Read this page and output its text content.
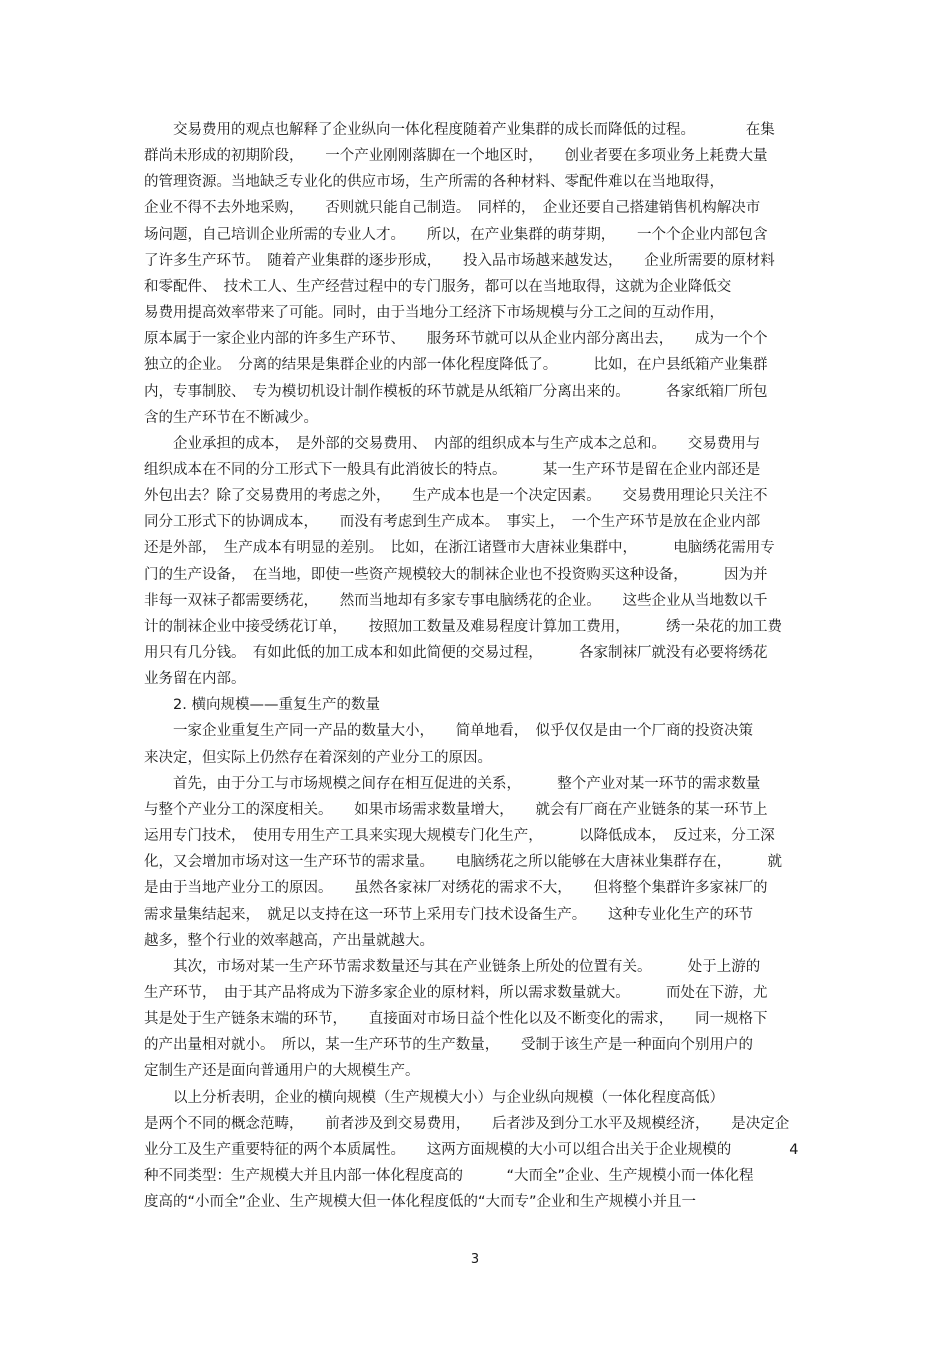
　　交易费用的观点也解释了企业纵向一体化程度随着产业集群的成长而降低的过程。　　　　在集
群尚未形成的初期阶段，　　一个产业刚刚落脚在一个地区时，　　创业者要在多项业务上耗费大量
的管理资源。当地缺乏专业化的供应市场，生产所需的各种材料、零配件难以在当地取得，
企业不得不去外地采购，　　否则就只能自己制造。　同样的，　企业还要自己搭建销售机构解决市
场问题，自己培训企业所需的专业人才。　　所以，在产业集群的萌芽期，　　一个个企业内部包含
了许多生产环节。　随着产业集群的逐步形成，　　投入品市场越来越发达，　　企业所需要的原材料
和零配件、　技术工人、生产经营过程中的专门服务，都可以在当地取得，这就为企业降低交
易费用提高效率带来了可能。同时，由于当地分工经济下市场规模与分工之间的互动作用，
原本属于一家企业内部的许多生产环节、　　服务环节就可以从企业内部分离出去，　　成为一个个
独立的企业。　分离的结果是集群企业的内部一体化程度降低了。　　　比如，在户县纸箱产业集群
内，专事制胶、　专为模切机设计制作模板的环节就是从纸箱厂分离出来的。　　　各家纸箱厂所包
含的生产环节在不断减少。
　　企业承担的成本，　是外部的交易费用、　内部的组织成本与生产成本之总和。　　交易费用与
组织成本在不同的分工形式下一般具有此消彼长的特点。　　　某一生产环节是留在企业内部还是
外包出去？除了交易费用的考虑之外，　　生产成本也是一个决定因素。　　交易费用理论只关注不
同分工形式下的协调成本，　　而没有考虑到生产成本。　事实上，　一个生产环节是放在企业内部
还是外部，　生产成本有明显的差别。　比如，在浙江诸暨市大唐袜业集群中，　　　电脑绣花需用专
门的生产设备，　在当地，即使一些资产规模较大的制袜企业也不投资购买这种设备，　　　因为并
非每一双袜子都需要绣花，　　然而当地却有多家专事电脑绣花的企业。　　这些企业从当地数以千
计的制袜企业中接受绣花订单，　　按照加工数量及难易程度计算加工费用，　　　绣一朵花的加工费
用只有几分钱。　有如此低的加工成本和如此简便的交易过程，　　　各家制袜厂就没有必要将绣花
业务留在内部。
　　2. 横向规模——重复生产的数量
　　一家企业重复生产同一产品的数量大小，　　简单地看，　似乎仅仅是由一个厂商的投资决策
来决定，但实际上仍然存在着深刻的产业分工的原因。
　　首先，由于分工与市场规模之间存在相互促进的关系，　　　整个产业对某一环节的需求数量
与整个产业分工的深度相关。　　如果市场需求数量增大，　　就会有厂商在产业链条的某一环节上
运用专门技术，　使用专用生产工具来实现大规模专门化生产，　　　以降低成本，　反过来，分工深
化，又会增加市场对这一生产环节的需求量。　　电脑绣花之所以能够在大唐袜业集群存在，　　　就
是由于当地产业分工的原因。　　虽然各家袜厂对绣花的需求不大，　　但将整个集群许多家袜厂的
需求量集结起来，　就足以支持在这一环节上采用专门技术设备生产。　　这种专业化生产的环节
越多，整个行业的效率越高，产出量就越大。
　　其次，市场对某一生产环节需求数量还与其在产业链条上所处的位置有关。　　　处于上游的
生产环节，　由于其产品将成为下游多家企业的原材料，所以需求数量就大。　　　而处在下游，尤
其是处于生产链条末端的环节，　　直接面对市场日益个性化以及不断变化的需求，　　同一规格下
的产出量相对就小。　所以，某一生产环节的生产数量，　　受制于该生产是一种面向个别用户的
定制生产还是面向普通用户的大规模生产。
　　以上分析表明，企业的横向规模（生产规模大小）与企业纵向规模（一体化程度高低）
是两个不同的概念范畴，　　前者涉及到交易费用，　　后者涉及到分工水平及规模经济，　　是决定企
业分工及生产重要特征的两个本质属性。　　这两方面规模的大小可以组合出关于企业规模的　　　　4
种不同类型：生产规模大并且内部一体化程度高的　　　“大而全”企业、生产规模小而一体化程
度高的“小而全”企业、生产规模大但一体化程度低的“大而专”企业和生产规模小并且一
3
